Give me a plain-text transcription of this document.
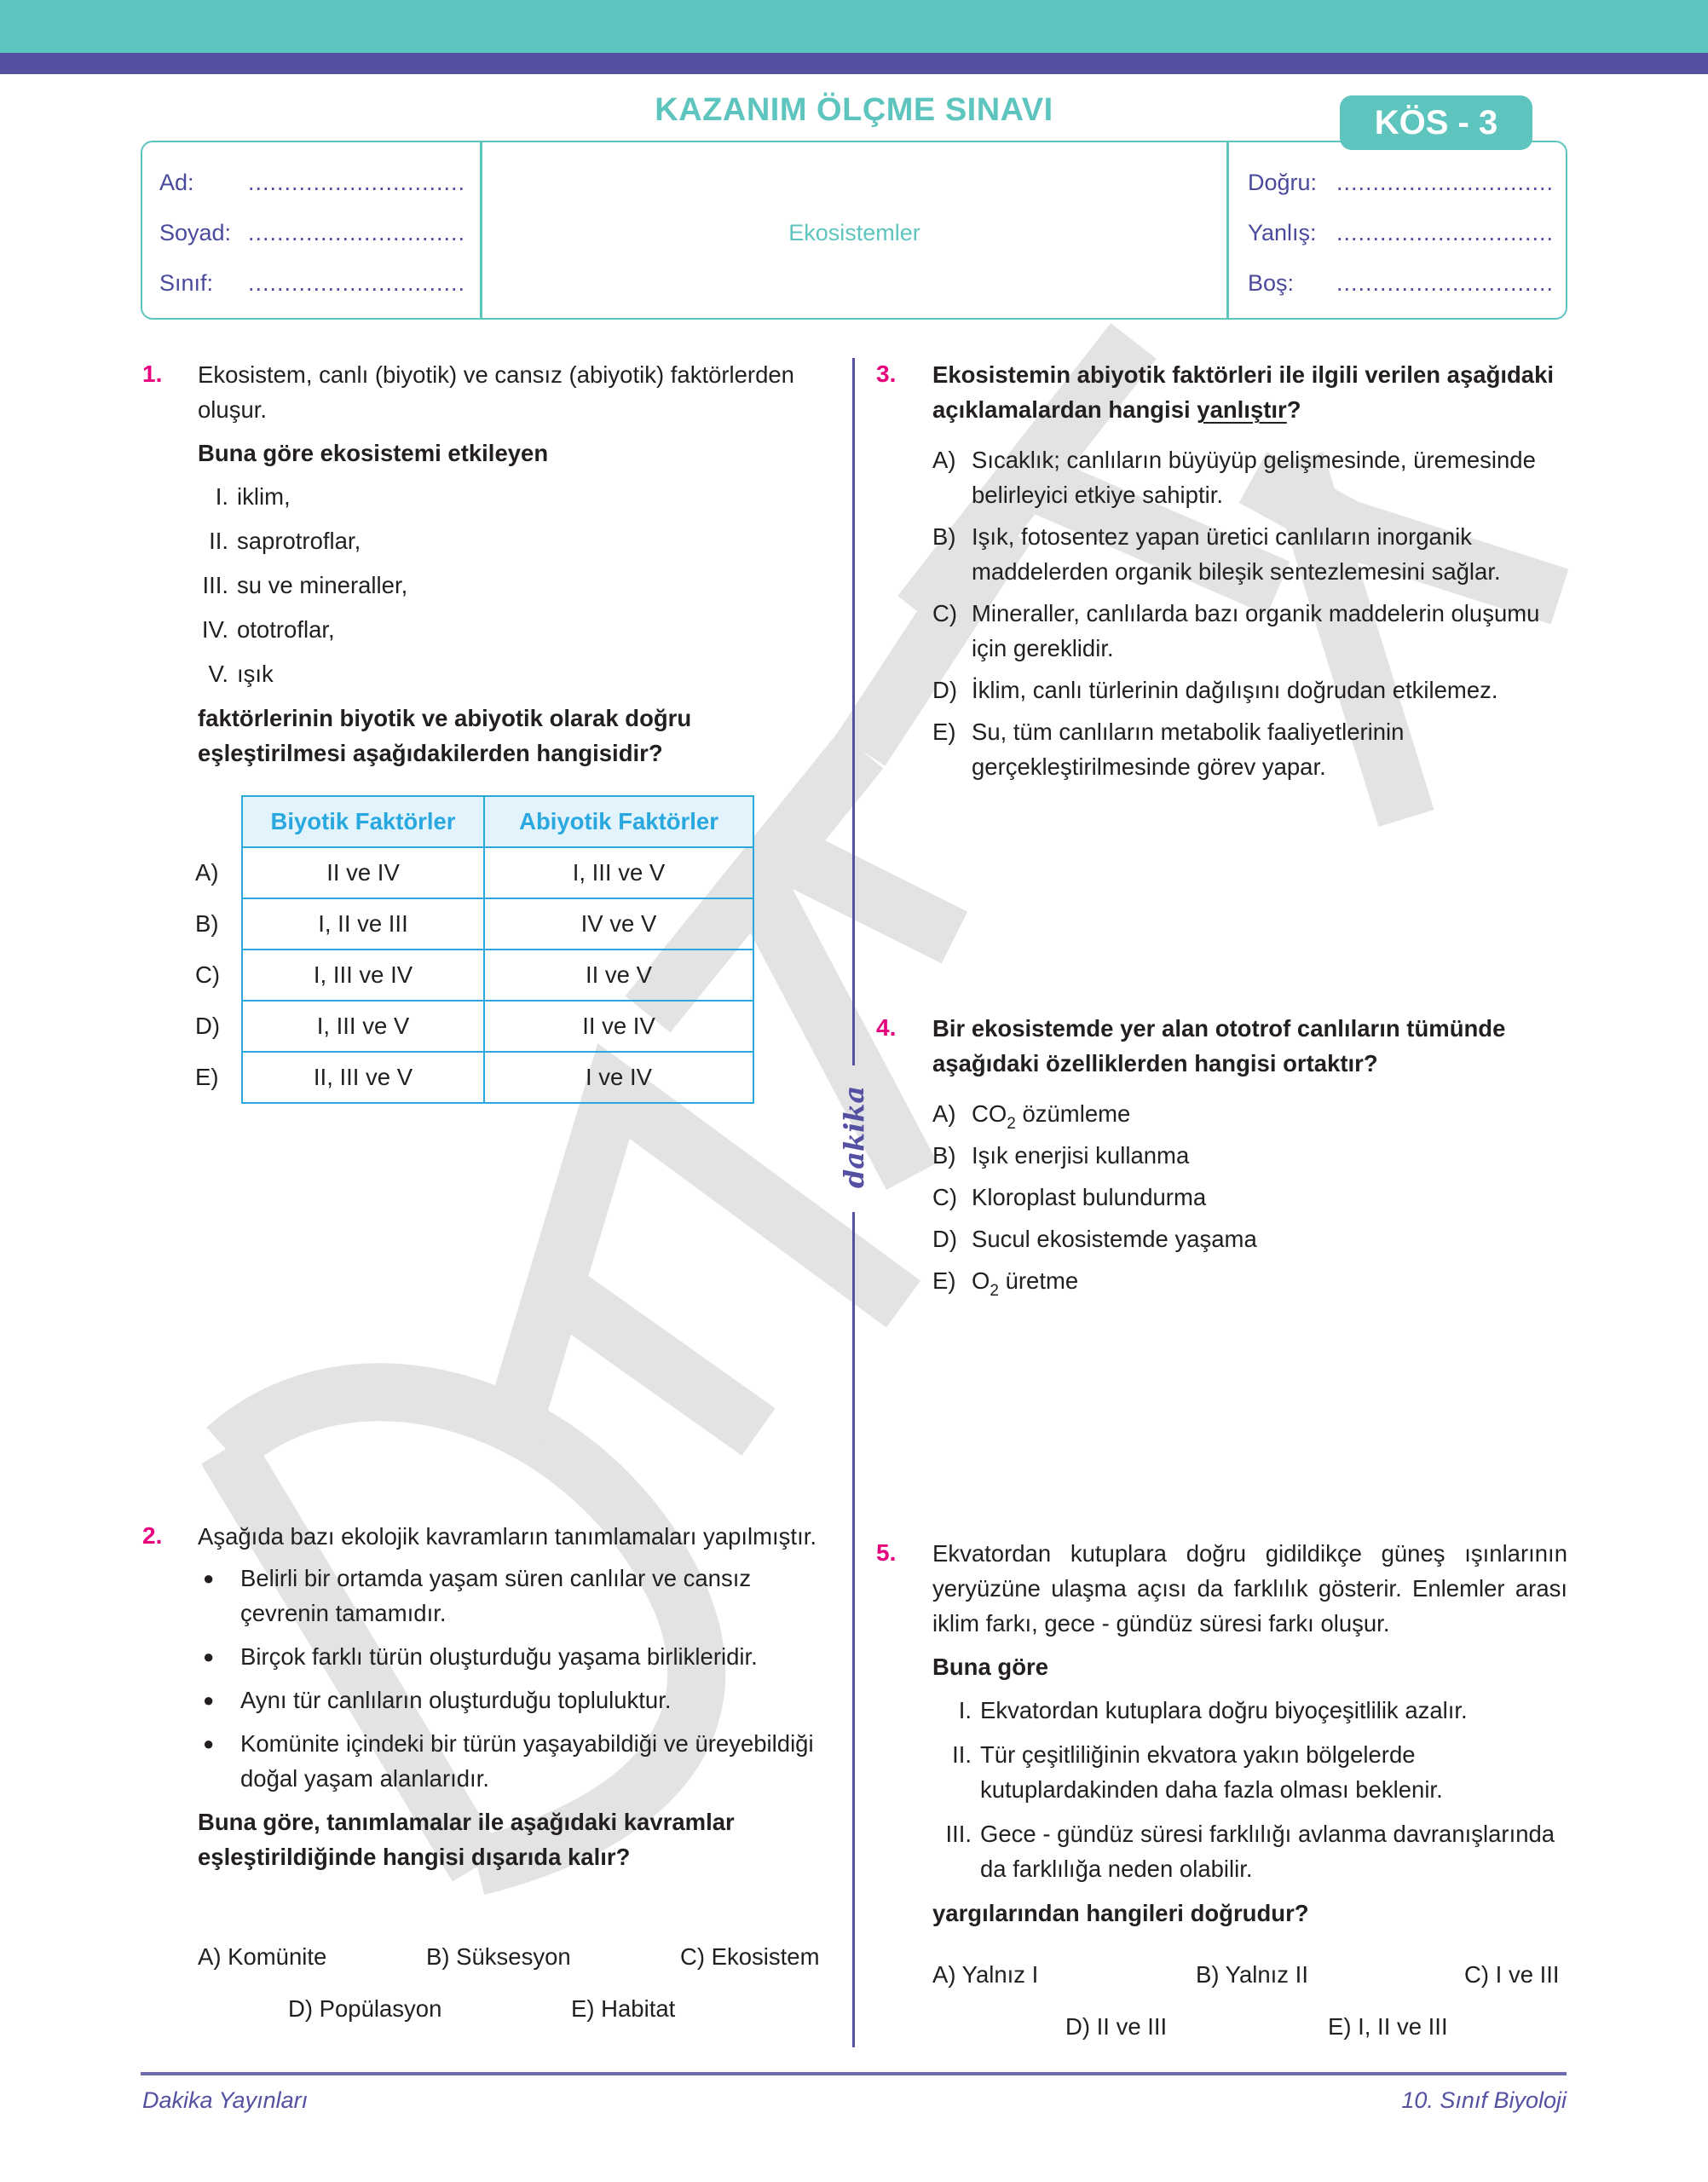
KAZANIM ÖLÇME SINAVI	KÖS - 3
Ad: ..............................
Soyad: ..............................
Sınıf: ..............................
Ekosistemler
Doğru: ..............................
Yanlış: ..............................
Boş: ..............................
dakika
1. Ekosistem, canlı (biyotik) ve cansız (abiyotik) faktörlerden oluşur.

Buna göre ekosistemi etkileyen

I. iklim,
II. saprotroflar,
III. su ve mineraller,
IV. ototroflar,
V. ışık

faktörlerinin biyotik ve abiyotik olarak doğru eşleştirilmesi aşağıdakilerden hangisidir?

	Biyotik Faktörler	Abiyotik Faktörler
A)	II ve IV	I, III ve V
B)	I, II ve III	IV ve V
C)	I, III ve IV	II ve V
D)	I, III ve V	II ve IV
E)	II, III ve V	I ve IV
2. Aşağıda bazı ekolojik kavramların tanımlamaları yapılmıştır.

●	Belirli bir ortamda yaşam süren canlılar ve cansız çevrenin tamamıdır.
●	Birçok farklı türün oluşturduğu yaşama birlikleridir.
●	Aynı tür canlıların oluşturduğu topluluktur.
●	Komünite içindeki bir türün yaşayabildiği ve üreyebildiği doğal yaşam alanlarıdır.

Buna göre, tanımlamalar ile aşağıdaki kavramlar eşleştirildiğinde hangisi dışarıda kalır?

A) Komünite	B) Süksesyon	C) Ekosistem
D) Popülasyon	E) Habitat
3. Ekosistemin abiyotik faktörleri ile ilgili verilen aşağıdaki açıklamalardan hangisi yanlıştır?

A) Sıcaklık; canlıların büyüyüp gelişmesinde, üremesinde belirleyici etkiye sahiptir.
B) Işık, fotosentez yapan üretici canlıların inorganik maddelerden organik bileşik sentezlemesini sağlar.
C) Mineraller, canlılarda bazı organik maddelerin oluşumu için gereklidir.
D) İklim, canlı türlerinin dağılışını doğrudan etkilemez.
E) Su, tüm canlıların metabolik faaliyetlerinin gerçekleştirilmesinde görev yapar.
4. Bir ekosistemde yer alan ototrof canlıların tümünde aşağıdaki özelliklerden hangisi ortaktır?

A) $CO_2$ özümleme
B) Işık enerjisi kullanma
C) Kloroplast bulundurma
D) Sucul ekosistemde yaşama
E) $O_2$ üretme
5. Ekvatordan kutuplara doğru gidildikçe güneş ışınlarının yeryüzüne ulaşma açısı da farklılık gösterir. Enlemler arası iklim farkı, gece - gündüz süresi farkı oluşur.

Buna göre

I. Ekvatordan kutuplara doğru biyoçeşitlilik azalır.
II. Tür çeşitliliğinin ekvatora yakın bölgelerde kutuplardakinden daha fazla olması beklenir.
III. Gece - gündüz süresi farklılığı avlanma davranışlarında da farklılığa neden olabilir.

yargılarından hangileri doğrudur?

A) Yalnız I	B) Yalnız II	C) I ve III
D) II ve III	E) I, II ve III
Dakika Yayınları	10. Sınıf Biyoloji
